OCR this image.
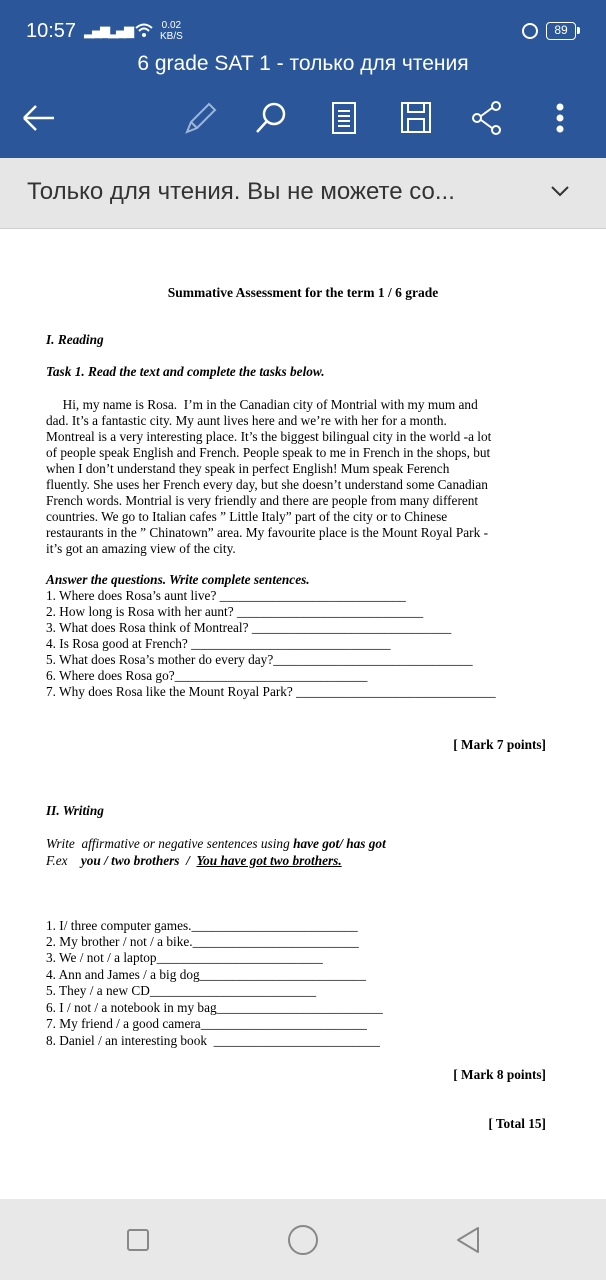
10:57 ▂▄▆ ▂▄▆	0.02
KB/S	89
6 grade SAT 1 - только для чтения
Только для чтения. Вы не можете со...
Summative Assessment for the term 1 / 6 grade
I. Reading
Task 1. Read the text and complete the tasks below.
Hi, my name is Rosa.  I’m in the Canadian city of Montrial with my mum and
dad. It’s a fantastic city. My aunt lives here and we’re with her for a month.
Montreal is a very interesting place. It’s the biggest bilingual city in the world -a lot
of people speak English and French. People speak to me in French in the shops, but
when I don’t understand they speak in perfect English! Mum speak Ferench
fluently. She uses her French every day, but she doesn’t understand some Canadian
French words. Montrial is very friendly and there are people from many different
countries. We go to Italian cafes ” Little Italy” part of the city or to Chinese
restaurants in the ” Chinatown” area. My favourite place is the Mount Royal Park -
it’s got an amazing view of the city.
Answer the questions. Write complete sentences.
1. Where does Rosa’s aunt live? ____________________________
2. How long is Rosa with her aunt? ____________________________
3. What does Rosa think of Montreal? ______________________________
4. Is Rosa good at French? ______________________________
5. What does Rosa’s mother do every day?______________________________
6. Where does Rosa go?_____________________________
7. Why does Rosa like the Mount Royal Park? ______________________________
[ Mark 7 points]
II. Writing
Write  affirmative or negative sentences using have got/ has got
F.ex you / two brothers  / You have got two brothers.
1. I/ three computer games._________________________
2. My brother / not / a bike._________________________
3. We / not / a laptop_________________________
4. Ann and James / a big dog_________________________
5. They / a new CD_________________________
6. I / not / a notebook in my bag_________________________
7. My friend / a good camera_________________________
8. Daniel / an interesting book  _________________________
[ Mark 8 points]
[ Total 15]
